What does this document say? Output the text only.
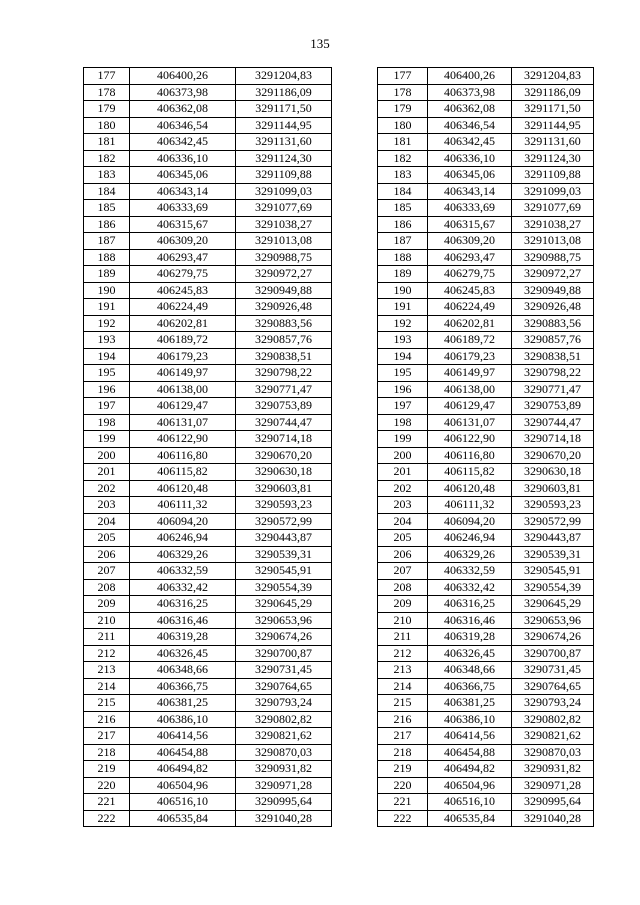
135
177	406400,26	3291204,83
178	406373,98	3291186,09
179	406362,08	3291171,50
180	406346,54	3291144,95
181	406342,45	3291131,60
182	406336,10	3291124,30
183	406345,06	3291109,88
184	406343,14	3291099,03
185	406333,69	3291077,69
186	406315,67	3291038,27
187	406309,20	3291013,08
188	406293,47	3290988,75
189	406279,75	3290972,27
190	406245,83	3290949,88
191	406224,49	3290926,48
192	406202,81	3290883,56
193	406189,72	3290857,76
194	406179,23	3290838,51
195	406149,97	3290798,22
196	406138,00	3290771,47
197	406129,47	3290753,89
198	406131,07	3290744,47
199	406122,90	3290714,18
200	406116,80	3290670,20
201	406115,82	3290630,18
202	406120,48	3290603,81
203	406111,32	3290593,23
204	406094,20	3290572,99
205	406246,94	3290443,87
206	406329,26	3290539,31
207	406332,59	3290545,91
208	406332,42	3290554,39
209	406316,25	3290645,29
210	406316,46	3290653,96
211	406319,28	3290674,26
212	406326,45	3290700,87
213	406348,66	3290731,45
214	406366,75	3290764,65
215	406381,25	3290793,24
216	406386,10	3290802,82
217	406414,56	3290821,62
218	406454,88	3290870,03
219	406494,82	3290931,82
220	406504,96	3290971,28
221	406516,10	3290995,64
222	406535,84	3291040,28
177	406400,26	3291204,83
178	406373,98	3291186,09
179	406362,08	3291171,50
180	406346,54	3291144,95
181	406342,45	3291131,60
182	406336,10	3291124,30
183	406345,06	3291109,88
184	406343,14	3291099,03
185	406333,69	3291077,69
186	406315,67	3291038,27
187	406309,20	3291013,08
188	406293,47	3290988,75
189	406279,75	3290972,27
190	406245,83	3290949,88
191	406224,49	3290926,48
192	406202,81	3290883,56
193	406189,72	3290857,76
194	406179,23	3290838,51
195	406149,97	3290798,22
196	406138,00	3290771,47
197	406129,47	3290753,89
198	406131,07	3290744,47
199	406122,90	3290714,18
200	406116,80	3290670,20
201	406115,82	3290630,18
202	406120,48	3290603,81
203	406111,32	3290593,23
204	406094,20	3290572,99
205	406246,94	3290443,87
206	406329,26	3290539,31
207	406332,59	3290545,91
208	406332,42	3290554,39
209	406316,25	3290645,29
210	406316,46	3290653,96
211	406319,28	3290674,26
212	406326,45	3290700,87
213	406348,66	3290731,45
214	406366,75	3290764,65
215	406381,25	3290793,24
216	406386,10	3290802,82
217	406414,56	3290821,62
218	406454,88	3290870,03
219	406494,82	3290931,82
220	406504,96	3290971,28
221	406516,10	3290995,64
222	406535,84	3291040,28
